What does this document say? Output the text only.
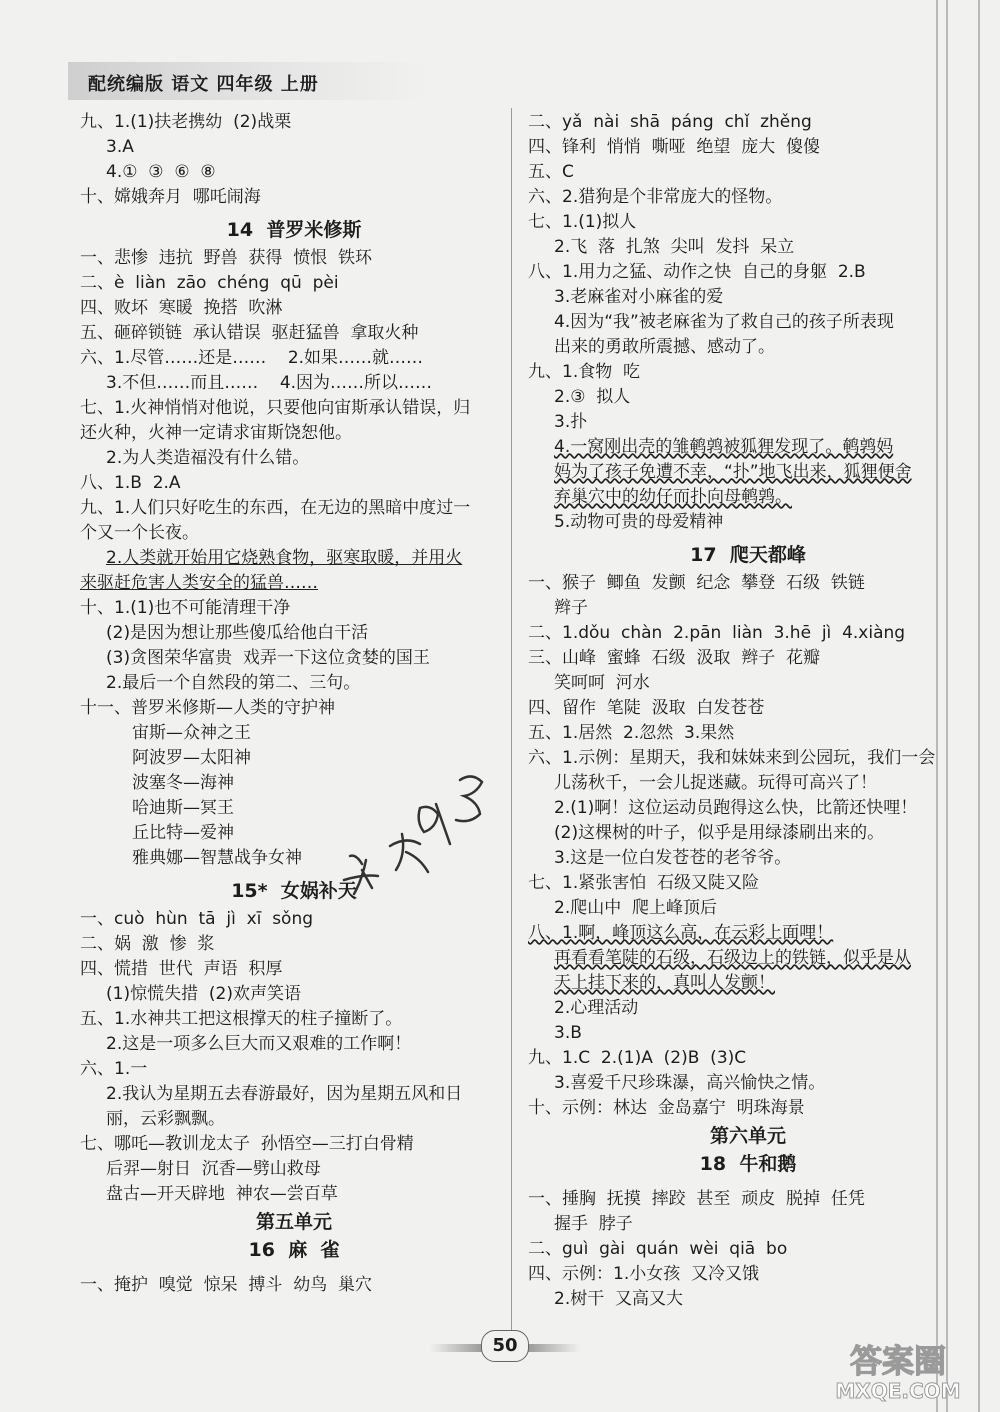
配统编版 语文 四年级 上册
九、1.(1)扶老携幼  (2)战栗
3.A
4.①  ③  ⑥  ⑧
十、嫦娥奔月  哪吒闹海
14  普罗米修斯
一、悲惨  违抗  野兽  获得  愤恨  铁环
二、è  liàn  zāo  chéng  qū  pèi
四、败坏  寒暖  挽搭  吹淋
五、砸碎锁链  承认错误  驱赶猛兽  拿取火种
六、1.尽管……还是……    2.如果……就……
3.不但……而且……    4.因为……所以……
七、1.火神悄悄对他说，只要他向宙斯承认错误，归
还火种，火神一定请求宙斯饶恕他。
2.为人类造福没有什么错。
八、1.B  2.A
九、1.人们只好吃生的东西，在无边的黑暗中度过一
个又一个长夜。
2.人类就开始用它烧熟食物，驱寒取暖，并用火
来驱赶危害人类安全的猛兽……
十、1.(1)也不可能清理干净
(2)是因为想让那些傻瓜给他白干活
(3)贪图荣华富贵  戏弄一下这位贪婪的国王
2.最后一个自然段的第二、三句。
十一、普罗米修斯—人类的守护神
宙斯—众神之王
阿波罗—太阳神
波塞冬—海神
哈迪斯—冥王
丘比特—爱神
雅典娜—智慧战争女神
15*  女娲补天
一、cuò  hùn  tā  jì  xī  sǒng
二、娲  激  惨  浆
四、慌措  世代  声语  积厚
(1)惊慌失措  (2)欢声笑语
五、1.水神共工把这根撑天的柱子撞断了。
2.这是一项多么巨大而又艰难的工作啊！
六、1.一
2.我认为星期五去春游最好，因为星期五风和日
丽，云彩飘飘。
七、哪吒—教训龙太子  孙悟空—三打白骨精
后羿—射日  沉香—劈山救母
盘古—开天辟地  神农—尝百草
第五单元
16  麻  雀
一、掩护  嗅觉  惊呆  搏斗  幼鸟  巢穴
二、yǎ  nài  shā  páng  chǐ  zhěng
四、锋利  悄悄  嘶哑  绝望  庞大  傻傻
五、C
六、2.猎狗是个非常庞大的怪物。
七、1.(1)拟人
2.飞  落  扎煞  尖叫  发抖  呆立
八、1.用力之猛、动作之快  自己的身躯  2.B
3.老麻雀对小麻雀的爱
4.因为“我”被老麻雀为了救自己的孩子所表现
出来的勇敢所震撼、感动了。
九、1.食物  吃
2.③  拟人
3.扑
4.一窝刚出壳的雏鹌鹑被狐狸发现了。鹌鹑妈
妈为了孩子免遭不幸，“扑”地飞出来，狐狸便舍
弃巢穴中的幼仔而扑向母鹌鹑。
5.动物可贵的母爱精神
17  爬天都峰
一、猴子  鲫鱼  发颤  纪念  攀登  石级  铁链
辫子
二、1.dǒu  chàn  2.pān  liàn  3.hē  jì  4.xiàng
三、山峰  蜜蜂  石级  汲取  辫子  花瓣
笑呵呵  河水
四、留作  笔陡  汲取  白发苍苍
五、1.居然  2.忽然  3.果然
六、1.示例：星期天，我和妹妹来到公园玩，我们一会
儿荡秋千，一会儿捉迷藏。玩得可高兴了！
2.(1)啊！这位运动员跑得这么快，比箭还快哩！
(2)这棵树的叶子，似乎是用绿漆刷出来的。
3.这是一位白发苍苍的老爷爷。
七、1.紧张害怕  石级又陡又险
2.爬山中  爬上峰顶后
八、1.啊，峰顶这么高，在云彩上面哩！
再看看笔陡的石级，石级边上的铁链，似乎是从
天上挂下来的，真叫人发颤！
2.心理活动
3.B
九、1.C  2.(1)A  (2)B  (3)C
3.喜爱千尺珍珠瀑，高兴愉快之情。
十、示例：林达  金岛嘉宁  明珠海景
第六单元
18  牛和鹅
一、捶胸  抚摸  摔跤  甚至  顽皮  脱掉  任凭
握手  脖子
二、guì  gài  quán  wèi  qiā  bo
四、示例：1.小女孩  又冷又饿
2.树干  又高又大
50	答案圈
MXQE.COM
